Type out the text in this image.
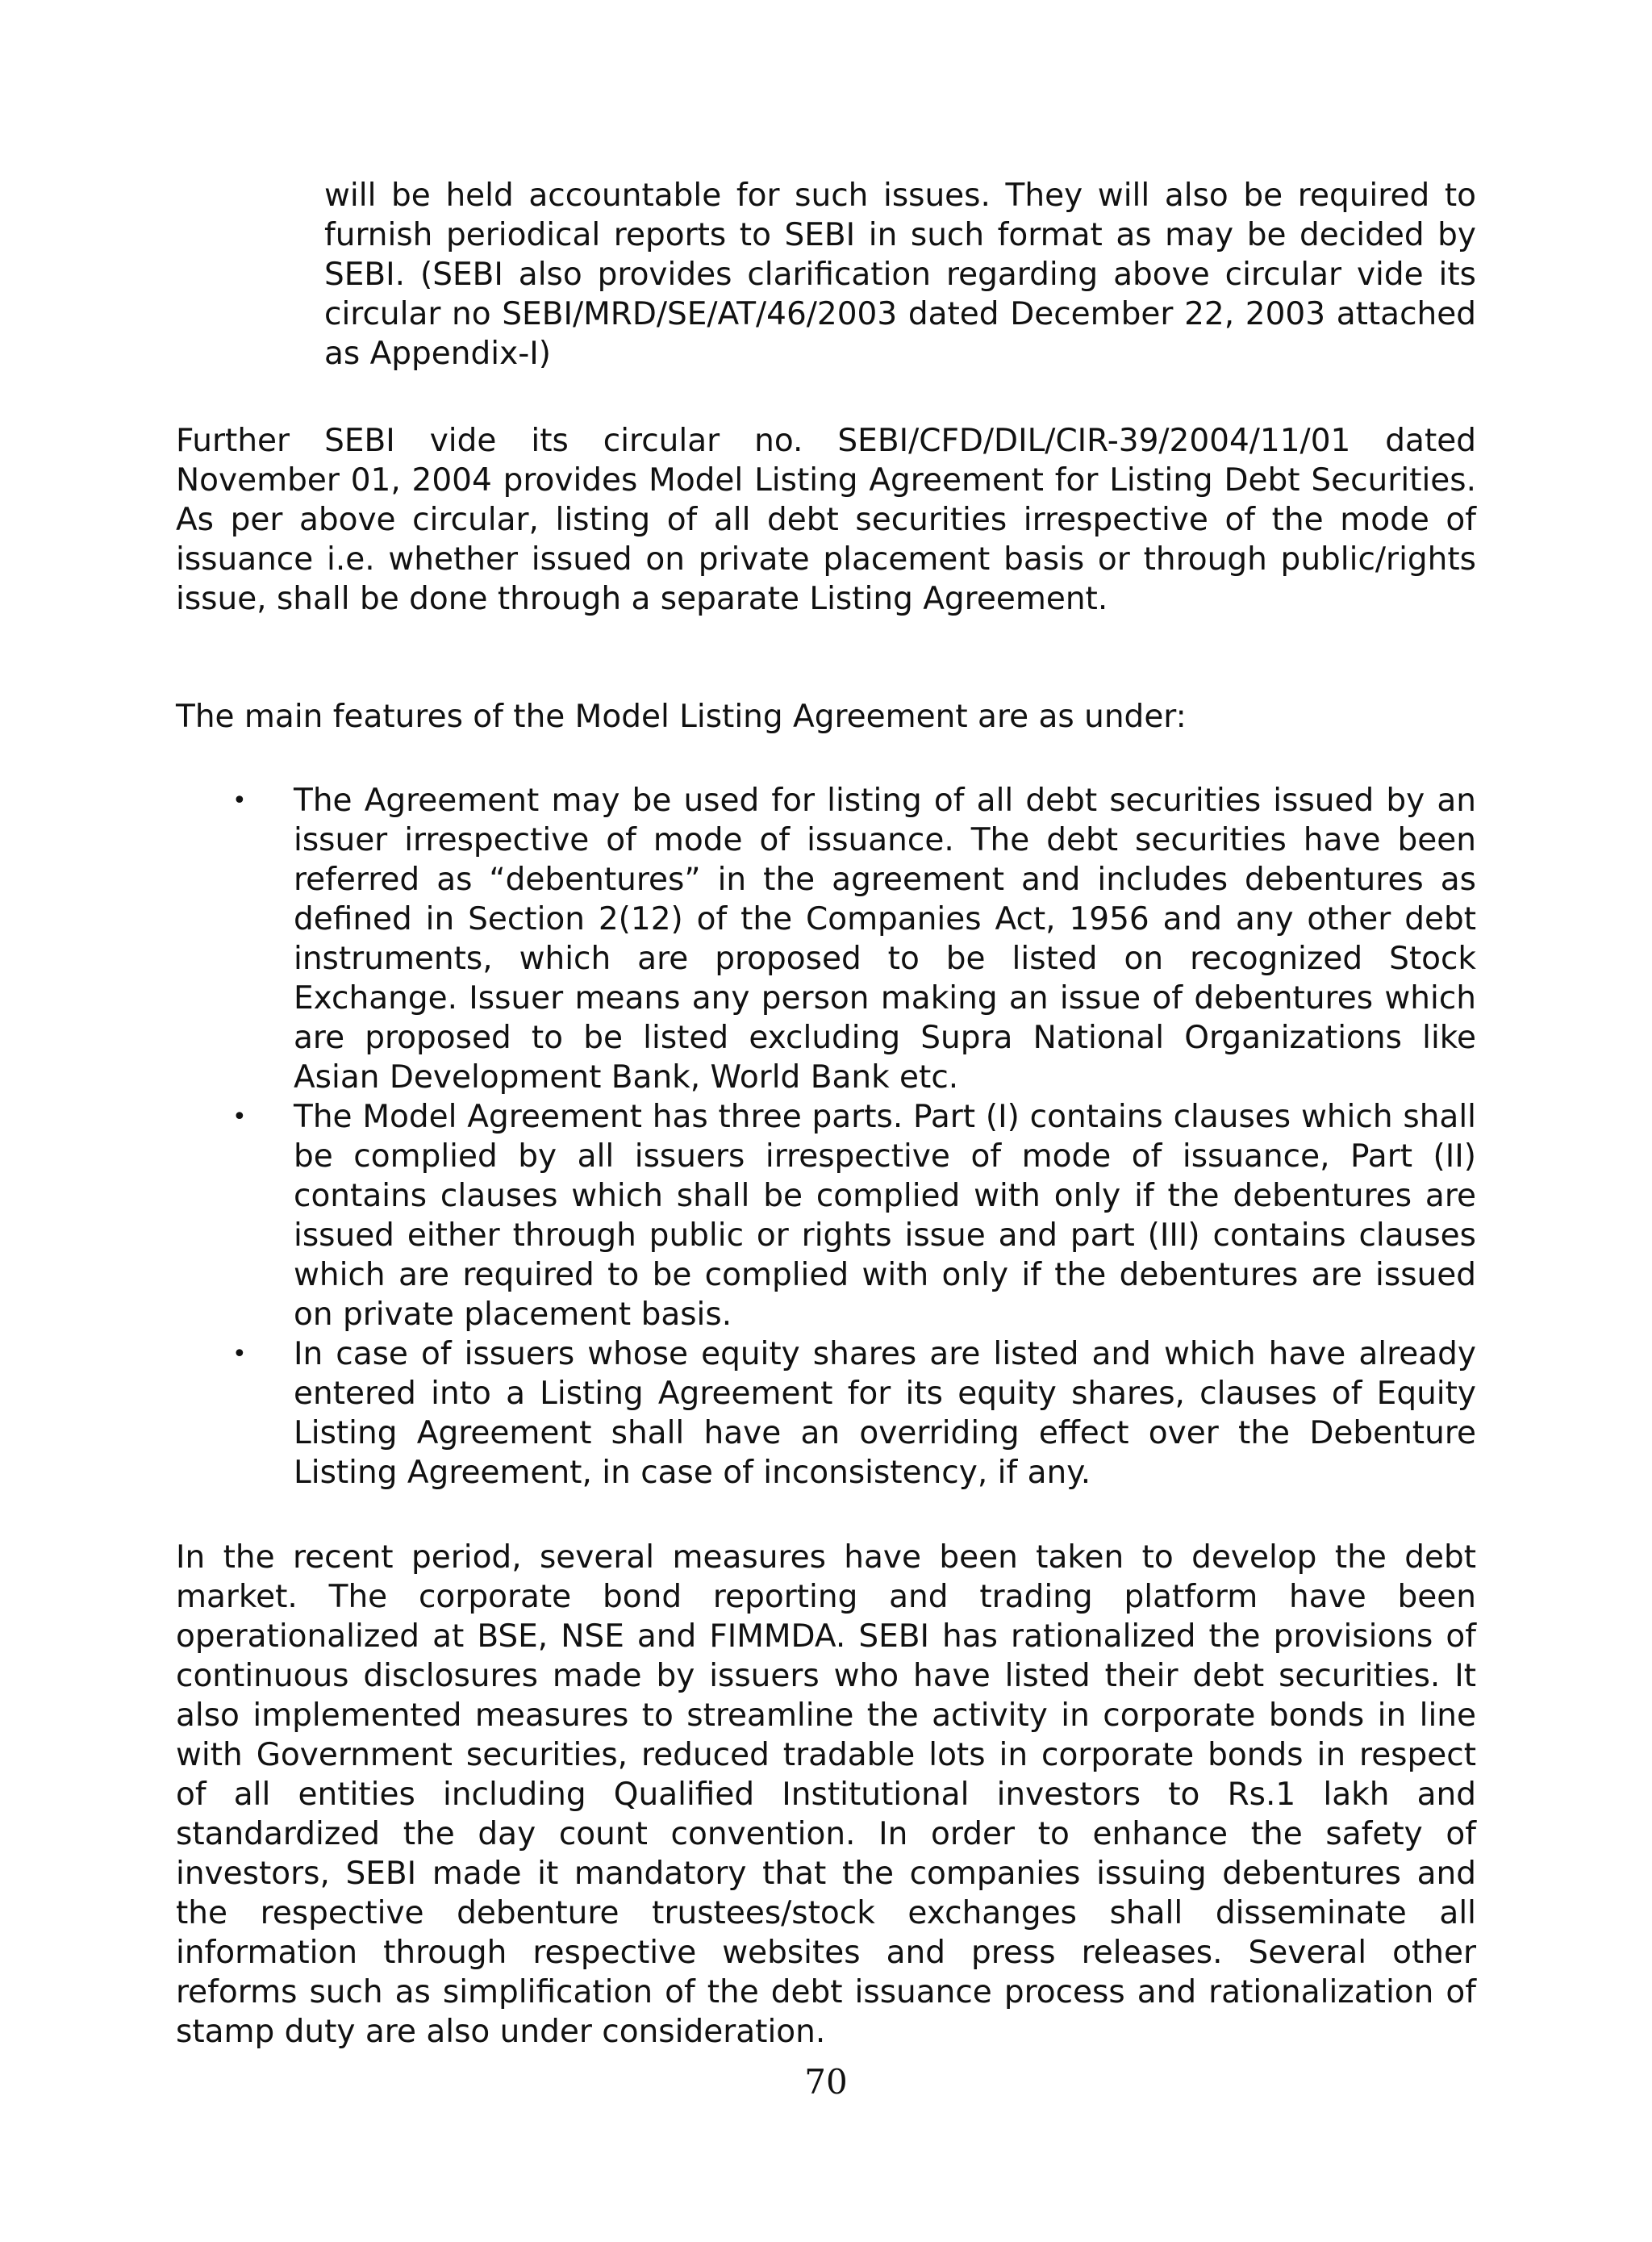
will be held accountable for such issues. They will also be required to furnish periodical reports to SEBI in such format as may be decided by SEBI. (SEBI also provides clarification regarding above circular vide its circular no SEBI/MRD/SE/AT/46/2003 dated December 22, 2003 attached as Appendix-I)

Further SEBI vide its circular no. SEBI/CFD/DIL/CIR-39/2004/11/01 dated November 01, 2004 provides Model Listing Agreement for Listing Debt Securities. As per above circular, listing of all debt securities irrespective of the mode of issuance i.e. whether issued on private placement basis or through public/rights issue, shall be done through a separate Listing Agreement.

The main features of the Model Listing Agreement are as under:

• The Agreement may be used for listing of all debt securities issued by an issuer irrespective of mode of issuance. The debt securities have been referred as “debentures” in the agreement and includes debentures as defined in Section 2(12) of the Companies Act, 1956 and any other debt instruments, which are proposed to be listed on recognized Stock Exchange. Issuer means any person making an issue of debentures which are proposed to be listed excluding Supra National Organizations like Asian Development Bank, World Bank etc.
• The Model Agreement has three parts. Part (I) contains clauses which shall be complied by all issuers irrespective of mode of issuance, Part (II) contains clauses which shall be complied with only if the debentures are issued either through public or rights issue and part (III) contains clauses which are required to be complied with only if the debentures are issued on private placement basis.
• In case of issuers whose equity shares are listed and which have already entered into a Listing Agreement for its equity shares, clauses of Equity Listing Agreement shall have an overriding effect over the Debenture Listing Agreement, in case of inconsistency, if any.

In the recent period, several measures have been taken to develop the debt market. The corporate bond reporting and trading platform have been operationalized at BSE, NSE and FIMMDA. SEBI has rationalized the provisions of continuous disclosures made by issuers who have listed their debt securities. It also implemented measures to streamline the activity in corporate bonds in line with Government securities, reduced tradable lots in corporate bonds in respect of all entities including Qualified Institutional investors to Rs.1 lakh and standardized the day count convention. In order to enhance the safety of investors, SEBI made it mandatory that the companies issuing debentures and the respective debenture trustees/stock exchanges shall disseminate all information through respective websites and press releases. Several other reforms such as simplification of the debt issuance process and rationalization of stamp duty are also under consideration.

70
